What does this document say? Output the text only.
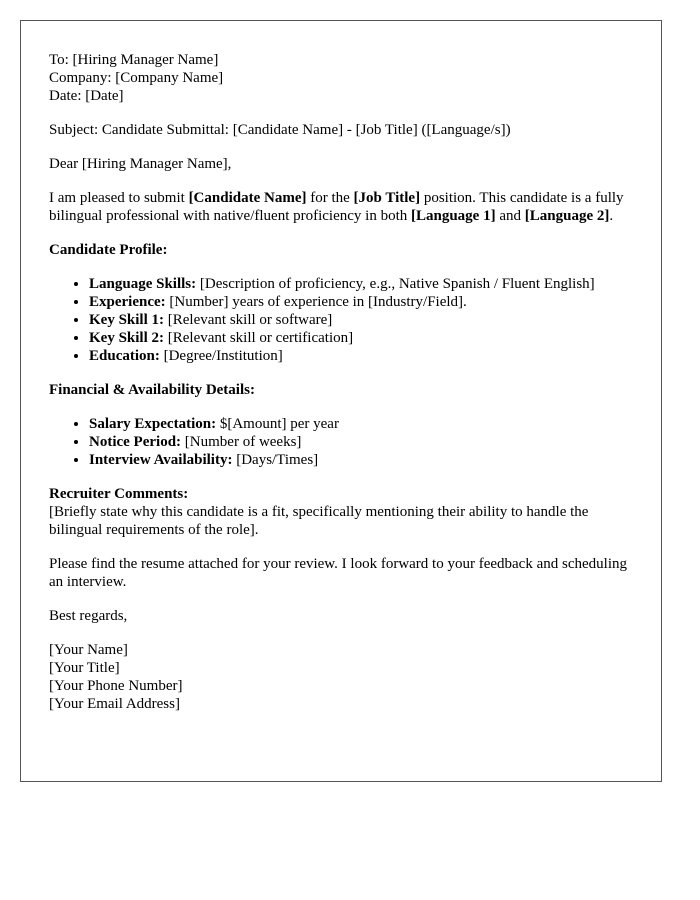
To: [Hiring Manager Name]
Company: [Company Name]
Date: [Date]

Subject: Candidate Submittal: [Candidate Name] - [Job Title] ([Language/s])

Dear [Hiring Manager Name],

I am pleased to submit [Candidate Name] for the [Job Title] position. This candidate is a fully bilingual professional with native/fluent proficiency in both [Language 1] and [Language 2].

Candidate Profile:

• Language Skills: [Description of proficiency, e.g., Native Spanish / Fluent English]
• Experience: [Number] years of experience in [Industry/Field].
• Key Skill 1: [Relevant skill or software]
• Key Skill 2: [Relevant skill or certification]
• Education: [Degree/Institution]

Financial & Availability Details:

• Salary Expectation: $[Amount] per year
• Notice Period: [Number of weeks]
• Interview Availability: [Days/Times]
Recruiter Comments:
[Briefly state why this candidate is a fit, specifically mentioning their ability to handle the bilingual requirements of the role].

Please find the resume attached for your review. I look forward to your feedback and scheduling an interview.

Best regards,

[Your Name]
[Your Title]
[Your Phone Number]
[Your Email Address]
